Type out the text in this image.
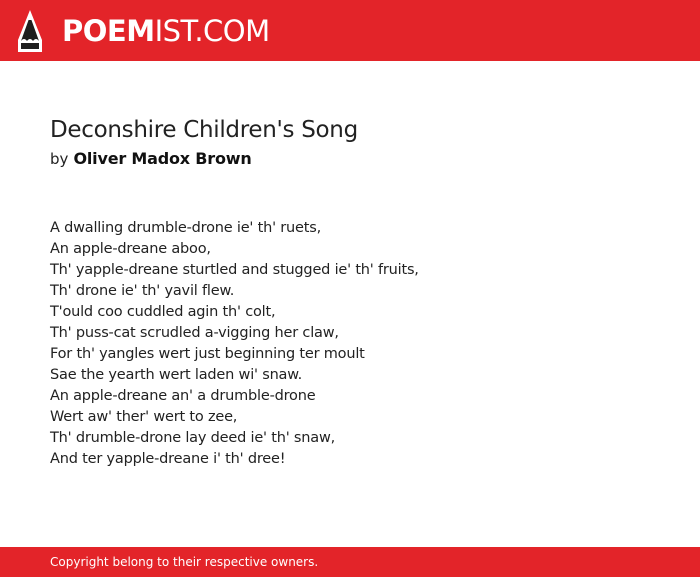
POEMIST.COM
Deconshire Children's Song
by Oliver Madox Brown
A dwalling drumble-drone ie' th' ruets,
An apple-dreane aboo,
Th' yapple-dreane sturtled and stugged ie' th' fruits,
Th' drone ie' th' yavil flew.
T'ould coo cuddled agin th' colt,
Th' puss-cat scrudled a-vigging her claw,
For th' yangles wert just beginning ter moult
Sae the yearth wert laden wi' snaw.
An apple-dreane an' a drumble-drone
Wert aw' ther' wert to zee,
Th' drumble-drone lay deed ie' th' snaw,
And ter yapple-dreane i' th' dree!
Copyright belong to their respective owners.
